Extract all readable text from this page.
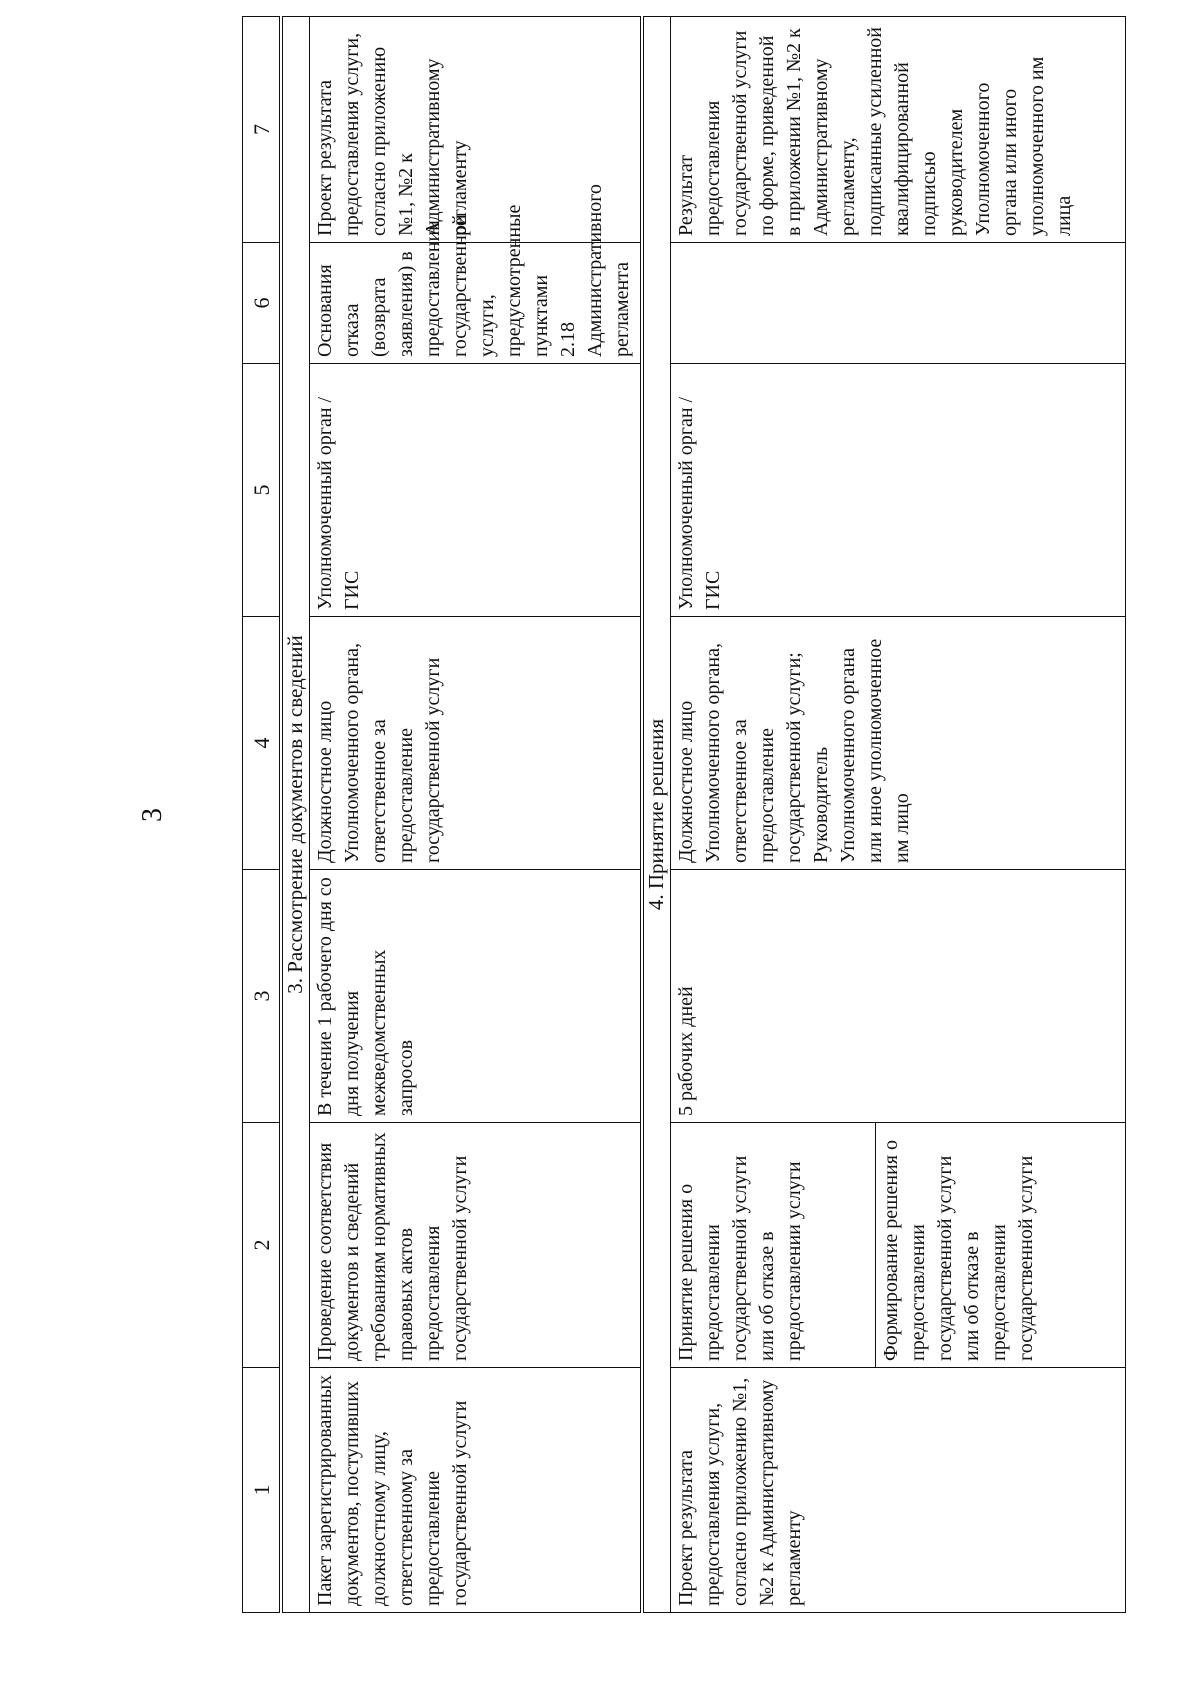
3
1	2	3	4	5	6	7
3. Рассмотрение документов и сведений						
Пакет зарегистрированных документов, поступивших должностному лицу, ответственному за предоставление государственной услуги	Проведение соответствия документов и сведений требованиям нормативных правовых актов предоставления государственной услуги	В течение 1 рабочего дня со дня получения межведомственных запросов	Должностное лицо Уполномоченного органа, ответственное за предоставление государственной услуги	Уполномоченный орган / ГИС	Основания отказа (возврата заявления) в предоставлении государственной услуги, предусмотренные пунктами 2.18 Административного регламента	Проект результата предоставления услуги, согласно приложению №1, №2 к Административному регламенту
4. Принятие решения						
Проект результата предоставления услуги, согласно приложению №1, №2 к Административному регламенту	Принятие решения о предоставлении государственной услуги или об отказе в предоставлении услуги	5 рабочих дней	Должностное лицо Уполномоченного органа, ответственное за предоставление государственной услуги; Руководитель Уполномоченного органа или иное уполномоченное им лицо	Уполномоченный орган / ГИС		Результат предоставления государственной услуги по форме, приведенной в приложении №1, №2 к Административному регламенту, подписанные усиленной квалифицированной подписью руководителем Уполномоченного органа или иного уполномоченного им лица
	Формирование решения о предоставлении государственной услуги или об отказе в предоставлении государственной услуги					
